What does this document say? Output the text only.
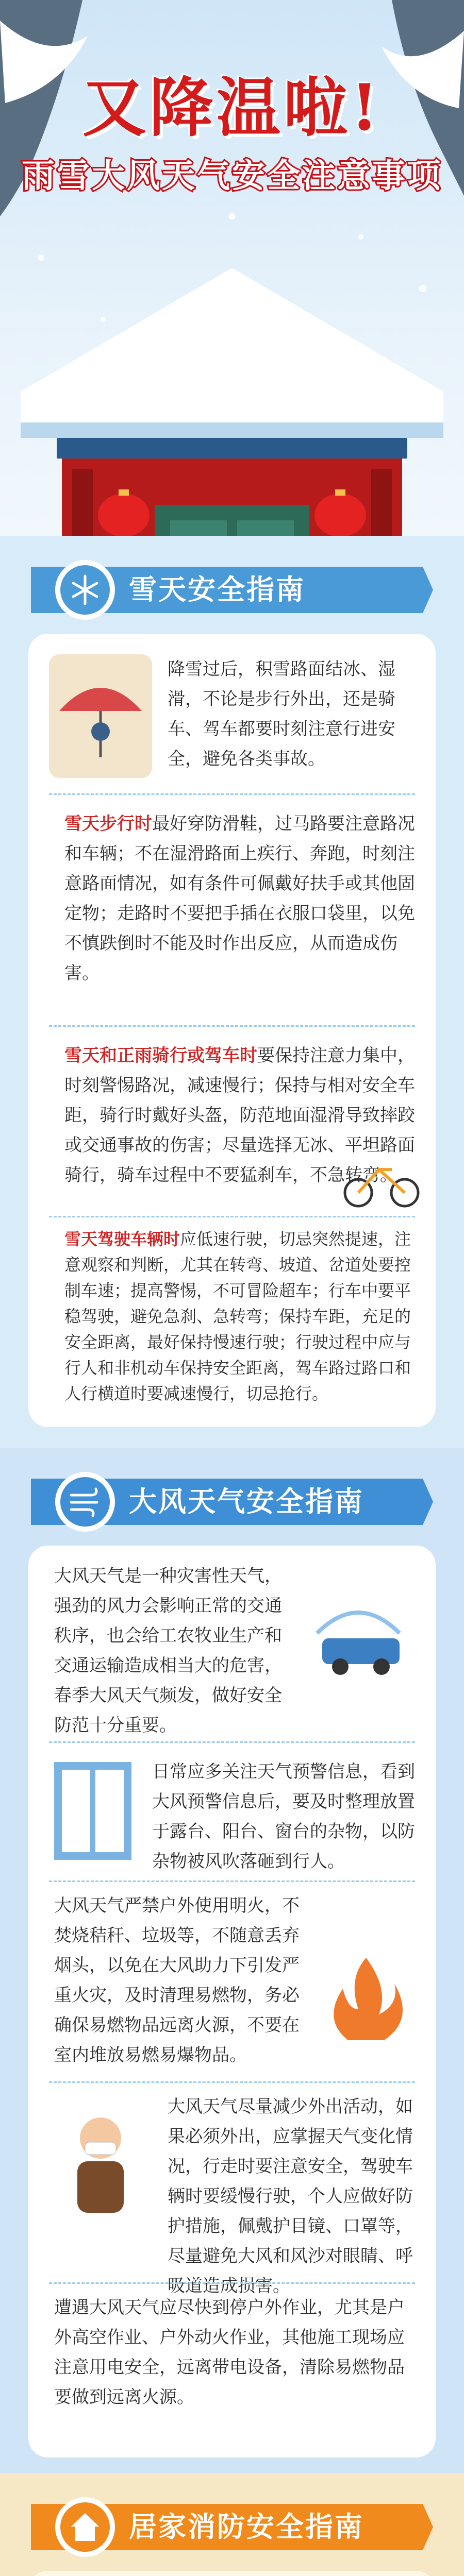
又降温啦!
雨雪大风天气安全注意事项
雪天安全指南
降雪过后，积雪路面结冰、湿滑，不论是步行外出，还是骑车、驾车都要时刻注意行进安全，避免各类事故。
雪天步行时最好穿防滑鞋，过马路要注意路况和车辆；不在湿滑路面上疾行、奔跑，时刻注意路面情况，如有条件可佩戴好扶手或其他固定物；走路时不要把手插在衣服口袋里，以免不慎跌倒时不能及时作出反应，从而造成伤害。
雪天和正雨骑行或驾车时要保持注意力集中，时刻警惕路况，减速慢行；保持与相对安全车距，骑行时戴好头盔，防范地面湿滑导致摔跤或交通事故的伤害；尽量选择无冰、平坦路面骑行，骑车过程中不要猛刹车，不急转弯。
雪天驾驶车辆时应低速行驶，切忌突然提速，注意观察和判断，尤其在转弯、坡道、岔道处要控制车速；提高警惕，不可冒险超车；行车中要平稳驾驶，避免急刹、急转弯；保持车距，充足的安全距离，最好保持慢速行驶；行驶过程中应与行人和非机动车保持安全距离，驾车路过路口和人行横道时要减速慢行，切忌抢行。
大风天气安全指南
大风天气是一种灾害性天气，强劲的风力会影响正常的交通秩序，也会给工农牧业生产和交通运输造成相当大的危害，春季大风天气频发，做好安全防范十分重要。
日常应多关注天气预警信息，看到大风预警信息后，要及时整理放置于露台、阳台、窗台的杂物，以防杂物被风吹落砸到行人。
大风天气严禁户外使用明火，不焚烧秸秆、垃圾等，不随意丢弃烟头，以免在大风助力下引发严重火灾，及时清理易燃物，务必确保易燃物品远离火源，不要在室内堆放易燃易爆物品。
大风天气尽量减少外出活动，如果必须外出，应掌握天气变化情况，行走时要注意安全，驾驶车辆时要缓慢行驶，个人应做好防护措施，佩戴护目镜、口罩等，尽量避免大风和风沙对眼睛、呼吸道造成损害。
遭遇大风天气应尽快到停户外作业，尤其是户外高空作业、户外动火作业，其他施工现场应注意用电安全，远离带电设备，清除易燃物品要做到远离火源。
居家消防安全指南
